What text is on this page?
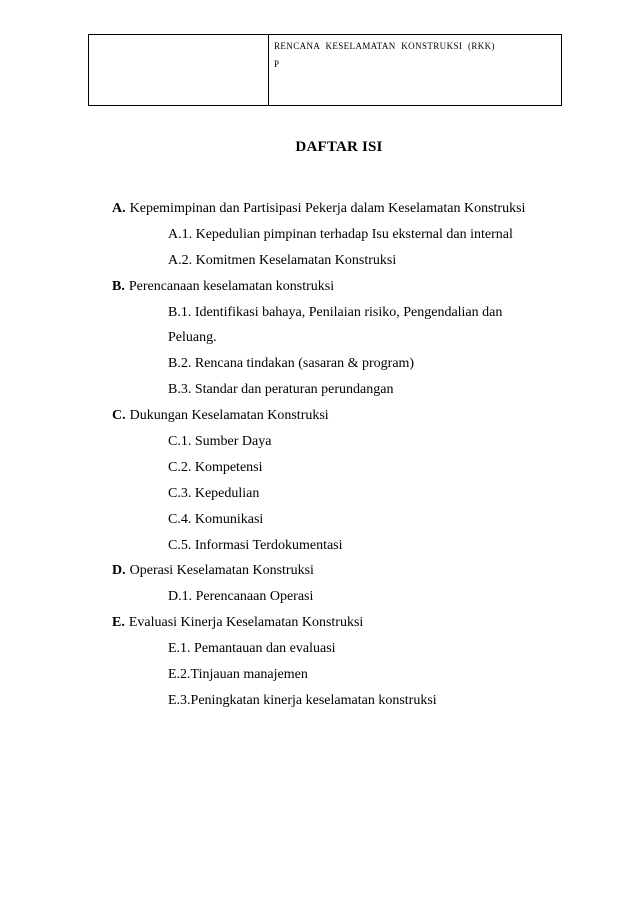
RENCANA KESELAMATAN KONSTRUKSI (RKK)
P
DAFTAR ISI
A. Kepemimpinan dan Partisipasi Pekerja dalam Keselamatan Konstruksi
A.1. Kepedulian pimpinan terhadap Isu eksternal dan internal
A.2. Komitmen Keselamatan Konstruksi
B. Perencanaan keselamatan konstruksi
B.1. Identifikasi bahaya, Penilaian risiko, Pengendalian dan
Peluang.
B.2. Rencana tindakan (sasaran & program)
B.3. Standar dan peraturan perundangan
C. Dukungan Keselamatan Konstruksi
C.1. Sumber Daya
C.2. Kompetensi
C.3. Kepedulian
C.4. Komunikasi
C.5. Informasi Terdokumentasi
D. Operasi Keselamatan Konstruksi
D.1. Perencanaan Operasi
E. Evaluasi Kinerja Keselamatan Konstruksi
E.1. Pemantauan dan evaluasi
E.2.Tinjauan manajemen
E.3.Peningkatan kinerja keselamatan konstruksi
